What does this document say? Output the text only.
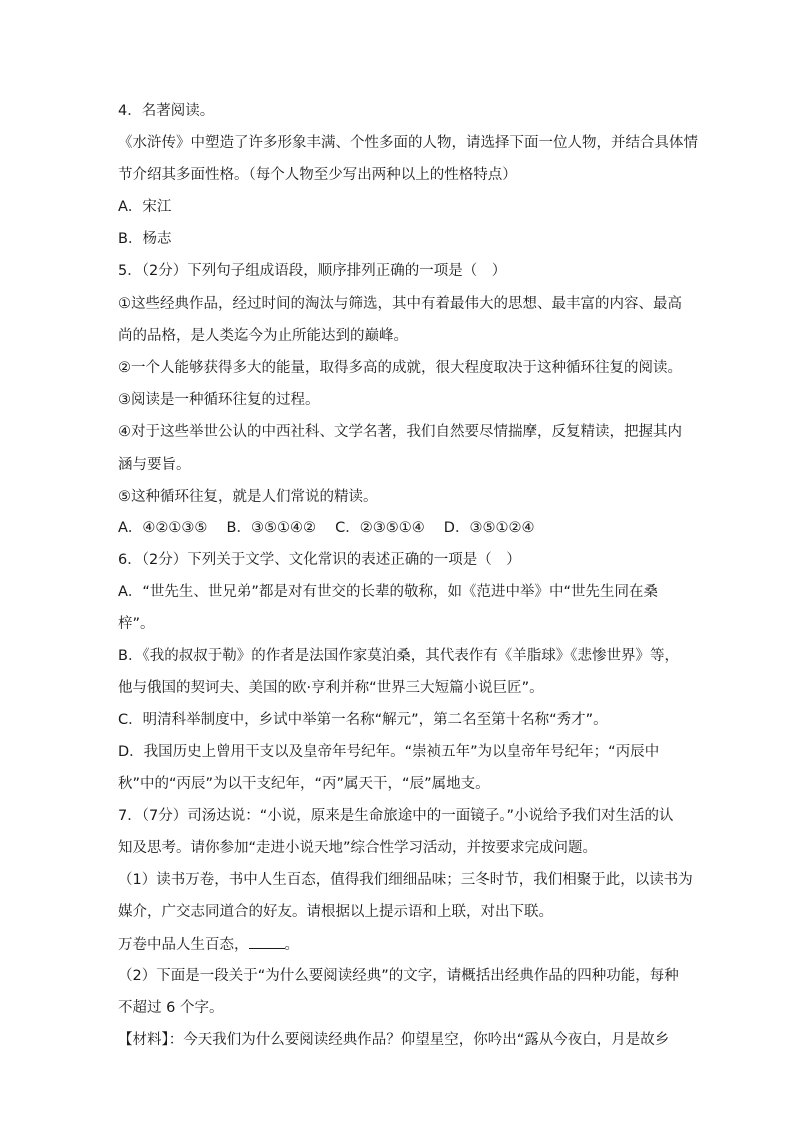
4．名著阅读。
《水浒传》中塑造了许多形象丰满、个性多面的人物，请选择下面一位人物，并结合具体情
节介绍其多面性格。（每个人物至少写出两种以上的性格特点）
A．宋江
B．杨志
5．（2分）下列句子组成语段，顺序排列正确的一项是（　）
①这些经典作品，经过时间的淘汰与筛选，其中有着最伟大的思想、最丰富的内容、最高
尚的品格，是人类迄今为止所能达到的巅峰。
②一个人能够获得多大的能量，取得多高的成就，很大程度取决于这种循环往复的阅读。
③阅读是一种循环往复的过程。
④对于这些举世公认的中西社科、文学名著，我们自然要尽情揣摩，反复精读，把握其内
涵与要旨。
⑤这种循环往复，就是人们常说的精读。
A．④②①③⑤　 B．③⑤①④②　 C．②③⑤①④　 D．③⑤①②④
6．（2分）下列关于文学、文化常识的表述正确的一项是（　）
A．“世先生、世兄弟”都是对有世交的长辈的敬称，如《范进中举》中“世先生同在桑
梓”。
B．《我的叔叔于勒》的作者是法国作家莫泊桑，其代表作有《羊脂球》《悲惨世界》等，
他与俄国的契诃夫、美国的欧·亨利并称“世界三大短篇小说巨匠”。
C．明清科举制度中，乡试中举第一名称“解元”，第二名至第十名称“秀才”。
D．我国历史上曾用干支以及皇帝年号纪年。“崇祯五年”为以皇帝年号纪年；“丙辰中
秋”中的“丙辰”为以干支纪年，“丙”属天干，“辰”属地支。
7．（7分）司汤达说：“小说，原来是生命旅途中的一面镜子。”小说给予我们对生活的认
知及思考。请你参加“走进小说天地”综合性学习活动，并按要求完成问题。
（1）读书万卷，书中人生百态，值得我们细细品味；三冬时节，我们相聚于此，以读书为
媒介，广交志同道合的好友。请根据以上提示语和上联，对出下联。
万卷中品人生百态， 。
（2）下面是一段关于“为什么要阅读经典”的文字，请概括出经典作品的四种功能，每种
不超过 6 个字。
【材料】：今天我们为什么要阅读经典作品？仰望星空，你吟出“露从今夜白，月是故乡
